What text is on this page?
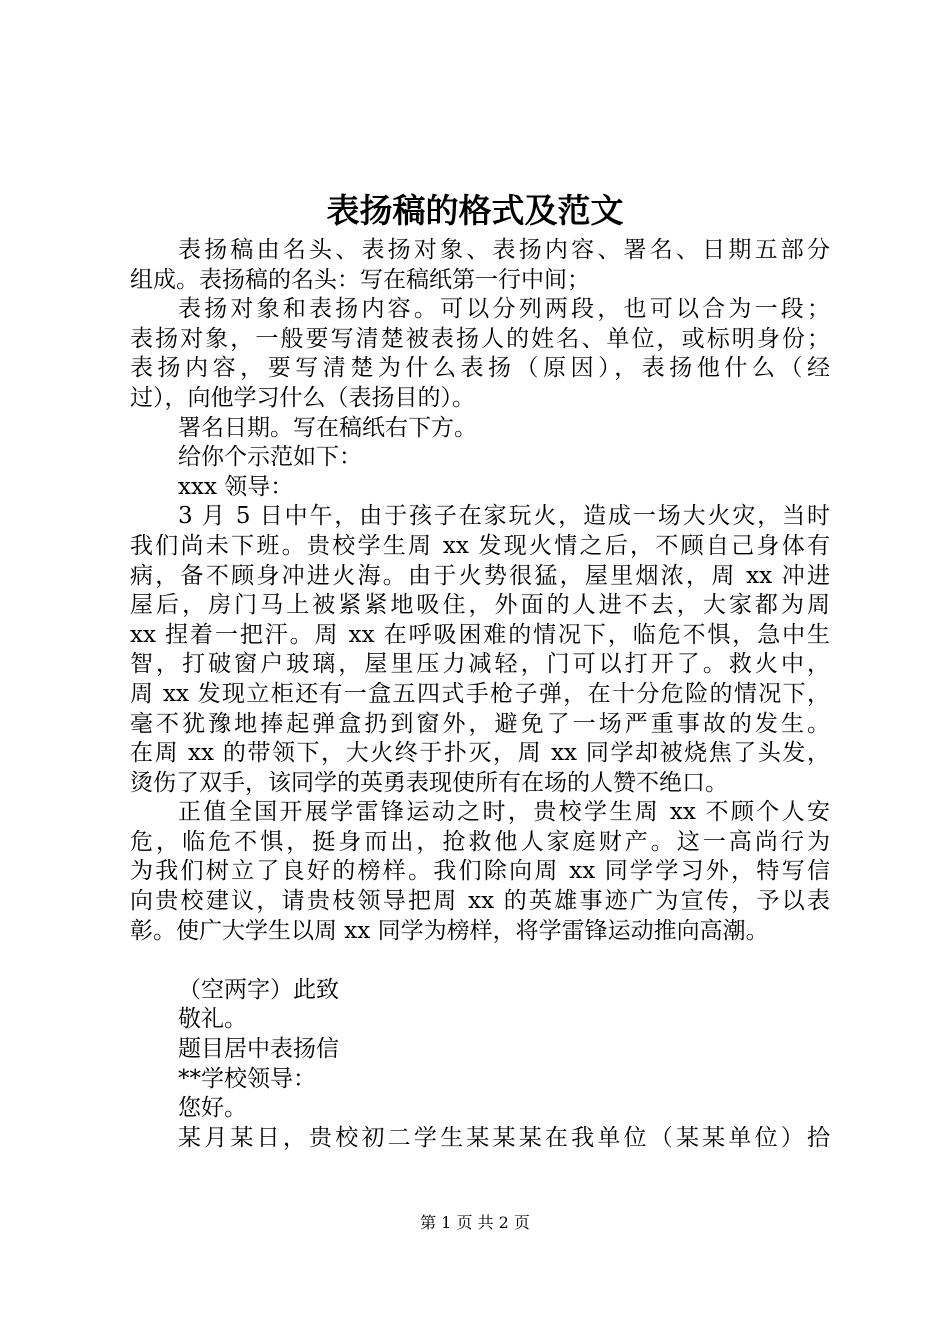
表扬稿的格式及范文
表扬稿由名头、表扬对象、表扬内容、署名、日期五部分
组成。表扬稿的名头：写在稿纸第一行中间；
表扬对象和表扬内容。可以分列两段，也可以合为一段；
表扬对象，一般要写清楚被表扬人的姓名、单位，或标明身份；
表扬内容，要写清楚为什么表扬（原因），表扬他什么（经
过），向他学习什么（表扬目的）。
署名日期。写在稿纸右下方。
给你个示范如下：
xxx 领导：
3 月 5 日中午，由于孩子在家玩火，造成一场大火灾，当时
我们尚未下班。贵校学生周 xx 发现火情之后，不顾自己身体有
病，备不顾身冲进火海。由于火势很猛，屋里烟浓，周 xx 冲进
屋后，房门马上被紧紧地吸住，外面的人进不去，大家都为周
xx 捏着一把汗。周 xx 在呼吸困难的情况下，临危不惧，急中生
智，打破窗户玻璃，屋里压力减轻，门可以打开了。救火中，
周 xx 发现立柜还有一盒五四式手枪子弹，在十分危险的情况下，
毫不犹豫地捧起弹盒扔到窗外，避免了一场严重事故的发生。
在周 xx 的带领下，大火终于扑灭，周 xx 同学却被烧焦了头发，
烫伤了双手，该同学的英勇表现使所有在场的人赞不绝口。
正值全国开展学雷锋运动之时，贵校学生周 xx 不顾个人安
危，临危不惧，挺身而出，抢救他人家庭财产。这一高尚行为
为我们树立了良好的榜样。我们除向周 xx 同学学习外，特写信
向贵校建议，请贵枝领导把周 xx 的英雄事迹广为宣传，予以表
彰。使广大学生以周 xx 同学为榜样，将学雷锋运动推向高潮。
（空两字）此致
敬礼。
题目居中表扬信
**学校领导：
您好。
某月某日，贵校初二学生某某某在我单位（某某单位）拾
第 1 页 共 2 页
